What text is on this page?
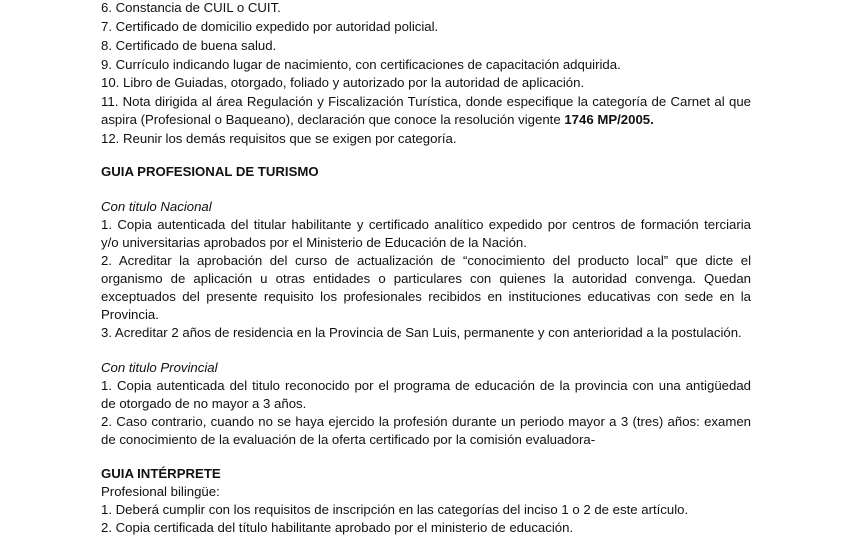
6. Constancia de CUIL o CUIT.
7. Certificado de domicilio expedido por autoridad policial.
8. Certificado de buena salud.
9. Currículo indicando lugar de nacimiento, con certificaciones de capacitación adquirida.
10. Libro de Guiadas, otorgado, foliado y autorizado por la autoridad de aplicación.
11. Nota dirigida al área Regulación y Fiscalización Turística, donde especifique la categoría de Carnet al que
aspira (Profesional o Baqueano), declaración que conoce la resolución vigente 1746 MP/2005.
12. Reunir los demás requisitos que se exigen por categoría.
GUIA PROFESIONAL DE TURISMO
Con titulo Nacional
1. Copia autenticada del titular habilitante y certificado analítico expedido por centros de formación terciaria
y/o universitarias aprobados por el Ministerio de Educación de la Nación.
2. Acreditar la aprobación del curso de actualización de “conocimiento del producto local” que dicte el
organismo de aplicación u otras entidades o particulares con quienes la autoridad convenga. Quedan
exceptuados del presente requisito los profesionales recibidos en instituciones educativas con sede en la
Provincia.
3. Acreditar 2 años de residencia en la Provincia de San Luis, permanente y con anterioridad a la postulación.
Con titulo Provincial
1. Copia autenticada del titulo reconocido por el programa de educación de la provincia con una antigüedad
de otorgado de no mayor a 3 años.
2. Caso contrario, cuando no se haya ejercido la profesión durante un periodo mayor a 3 (tres) años: examen
de conocimiento de la evaluación de la oferta certificado por la comisión evaluadora-
GUIA INTÉRPRETE
Profesional bilingüe:
1. Deberá cumplir con los requisitos de inscripción en las categorías del inciso 1 o 2 de este artículo.
2. Copia certificada del título habilitante aprobado por el ministerio de educación.
